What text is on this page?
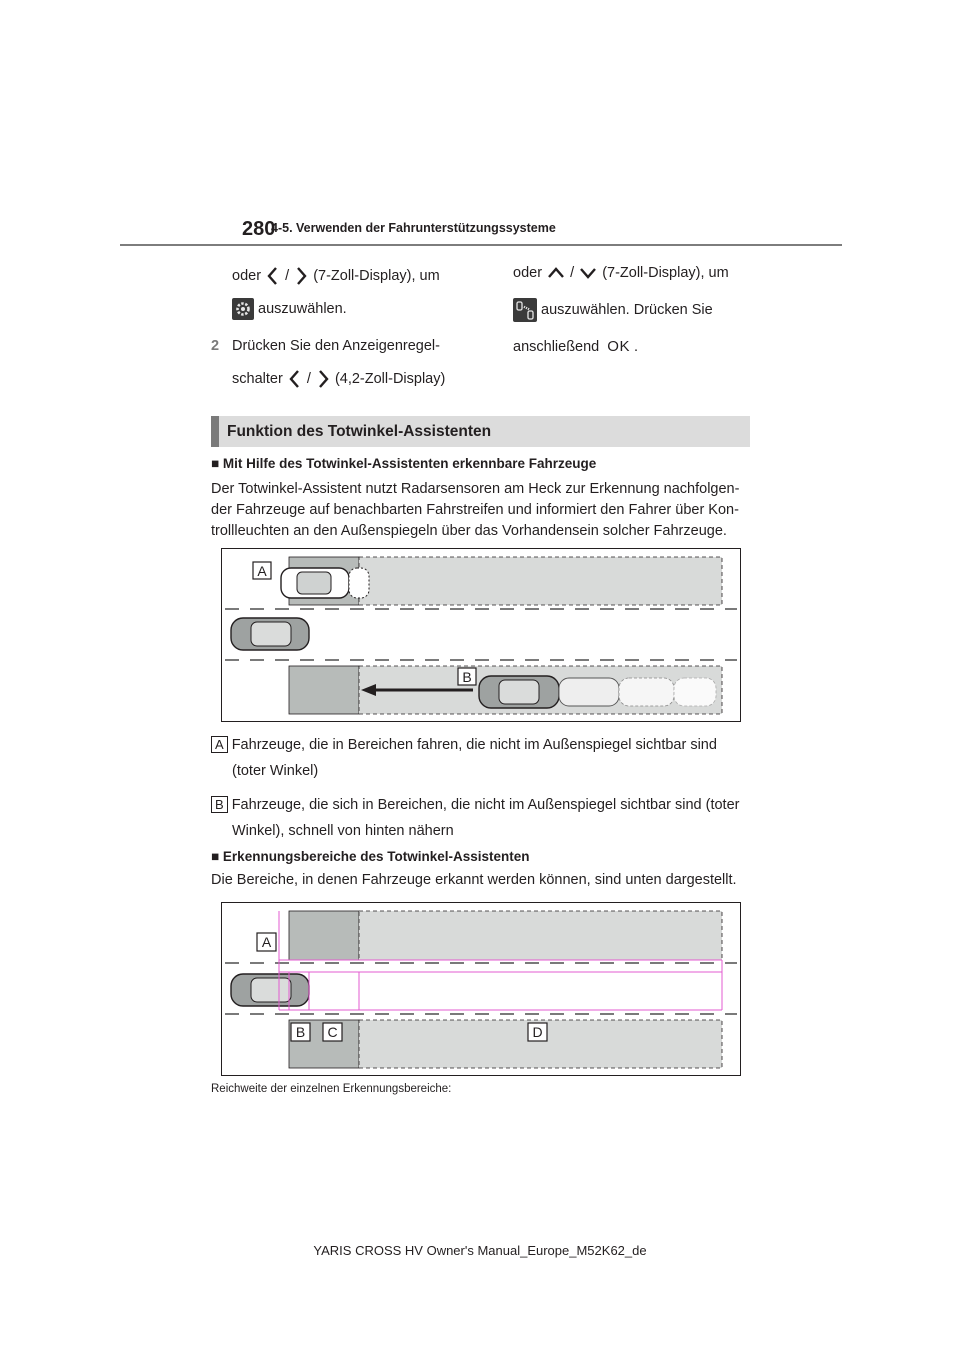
280
4-5. Verwenden der Fahrunterstützungssysteme
oder / (7-Zoll-Display), um
auszuwählen.
2 Drücken Sie den Anzeigenregel-
schalter / (4,2-Zoll-Display)
oder / (7-Zoll-Display), um
auszuwählen. Drücken Sie
anschließend OK .
Funktion des Totwinkel-Assistenten
■ Mit Hilfe des Totwinkel-Assistenten erkennbare Fahrzeuge
Der Totwinkel-Assistent nutzt Radarsensoren am Heck zur Erkennung nachfolgen-
der Fahrzeuge auf benachbarten Fahrstreifen und informiert den Fahrer über Kon-
trollleuchten an den Außenspiegeln über das Vorhandensein solcher Fahrzeuge.
A
B
A Fahrzeuge, die in Bereichen fahren, die nicht im Außenspiegel sichtbar sind
(toter Winkel)
B Fahrzeuge, die sich in Bereichen, die nicht im Außenspiegel sichtbar sind (toter
Winkel), schnell von hinten nähern
■ Erkennungsbereiche des Totwinkel-Assistenten
Die Bereiche, in denen Fahrzeuge erkannt werden können, sind unten dargestellt.
A
B C	D
Reichweite der einzelnen Erkennungsbereiche:
YARIS CROSS HV Owner's Manual_Europe_M52K62_de
